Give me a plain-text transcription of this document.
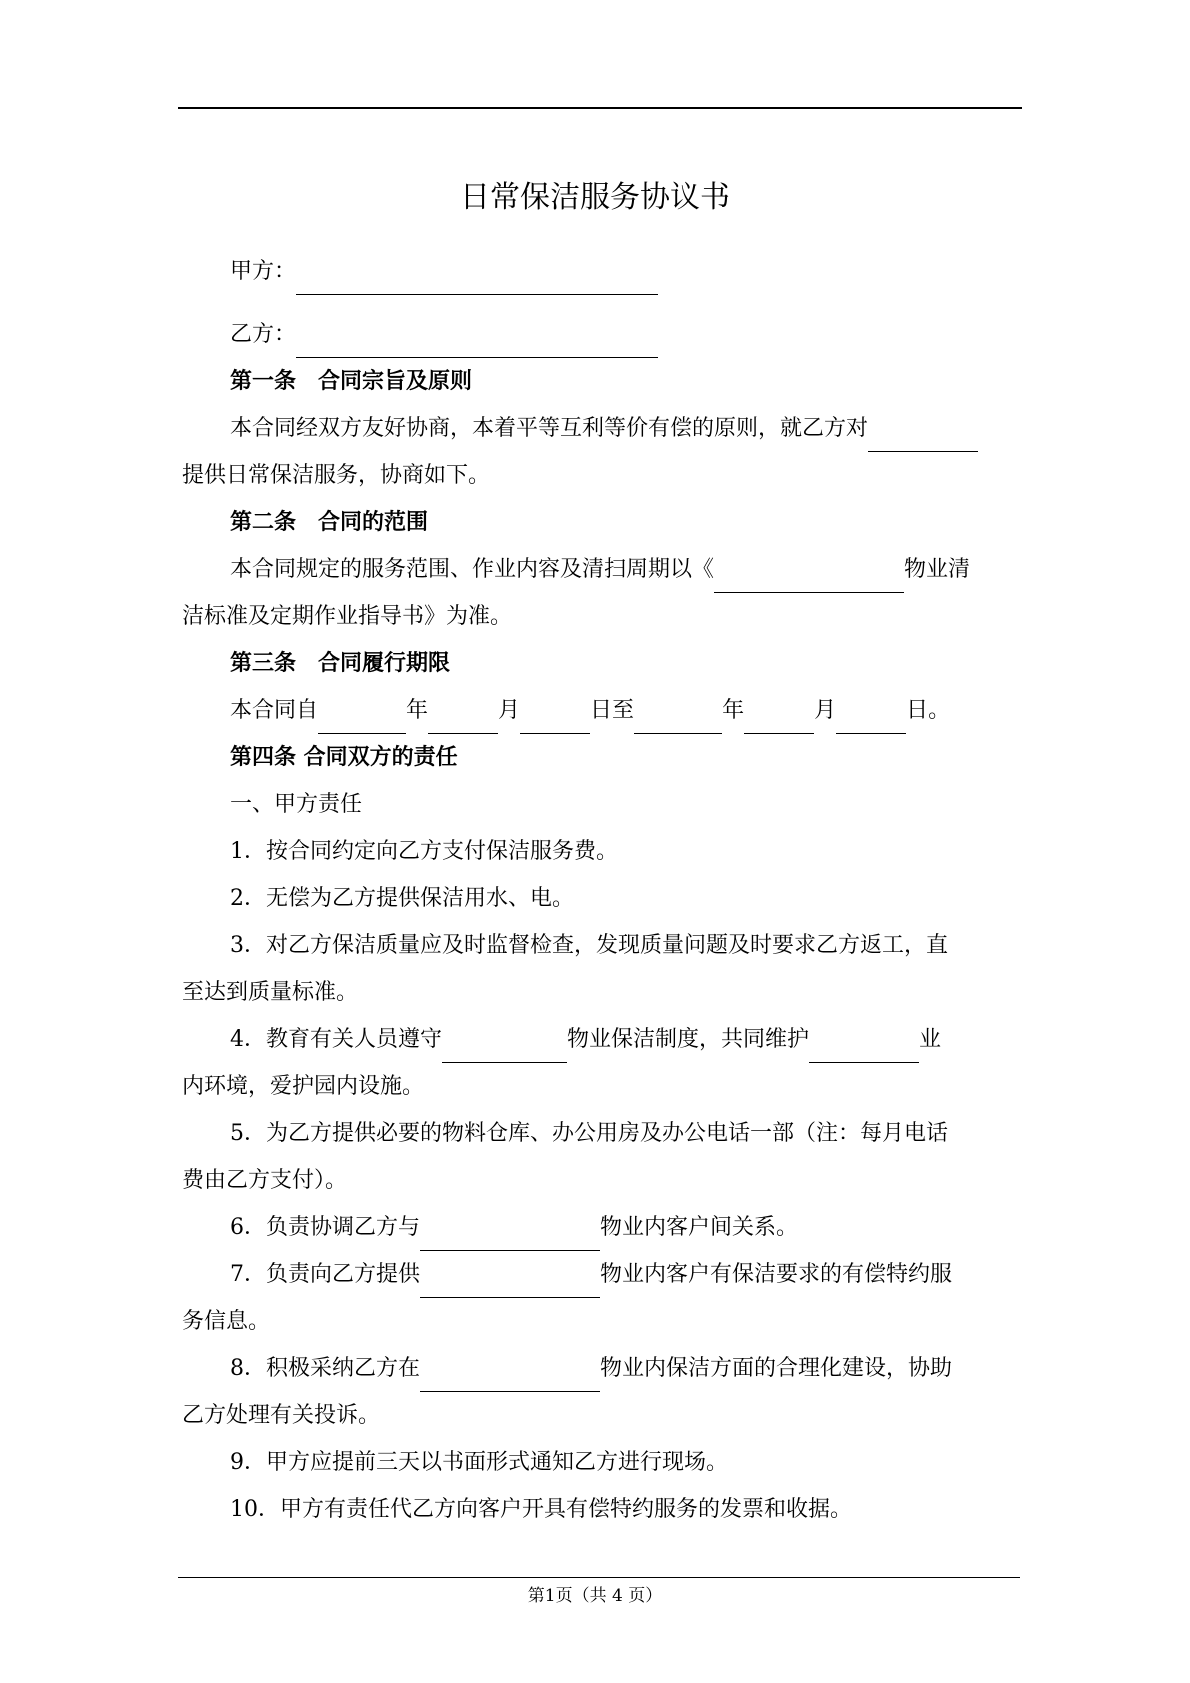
日常保洁服务协议书
甲方：
乙方：
第一条　合同宗旨及原则
本合同经双方友好协商，本着平等互利等价有偿的原则，就乙方对
提供日常保洁服务，协商如下。
第二条　合同的范围
本合同规定的服务范围、作业内容及清扫周期以《	物业清
洁标准及定期作业指导书》为准。
第三条　合同履行期限
本合同自	年	月	日至	年	月	日。
第四条 合同双方的责任
一、甲方责任
1．按合同约定向乙方支付保洁服务费。
2．无偿为乙方提供保洁用水、电。
3．对乙方保洁质量应及时监督检查，发现质量问题及时要求乙方返工，直
至达到质量标准。
4．教育有关人员遵守	物业保洁制度，共同维护	业
内环境，爱护园内设施。
5．为乙方提供必要的物料仓库、办公用房及办公电话一部（注：每月电话
费由乙方支付）。
6．负责协调乙方与	物业内客户间关系。
7．负责向乙方提供	物业内客户有保洁要求的有偿特约服
务信息。
8．积极采纳乙方在	物业内保洁方面的合理化建设，协助
乙方处理有关投诉。
9．甲方应提前三天以书面形式通知乙方进行现场。
10．甲方有责任代乙方向客户开具有偿特约服务的发票和收据。
第1页（共 4 页）
